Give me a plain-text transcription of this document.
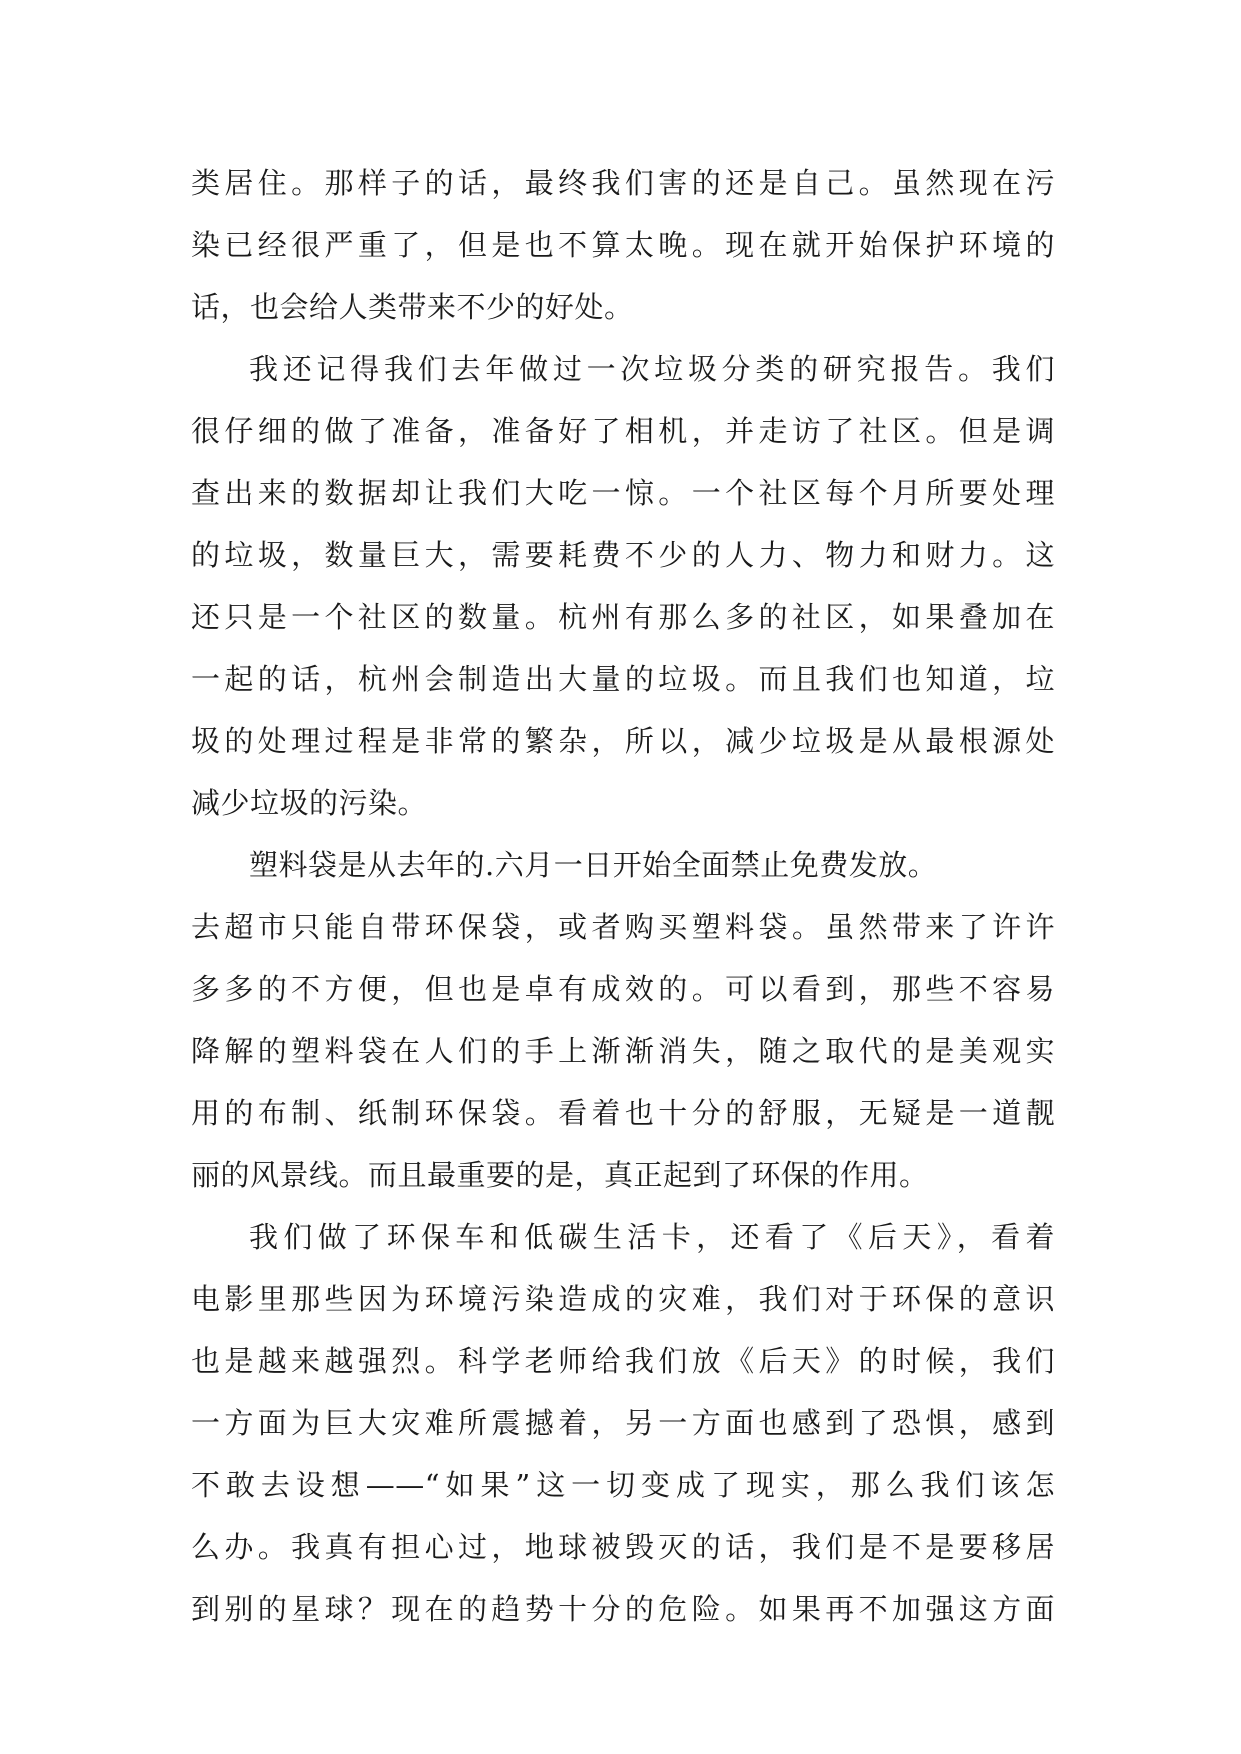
类居住。那样子的话，最终我们害的还是自己。虽然现在污
染已经很严重了，但是也不算太晚。现在就开始保护环境的
话，也会给人类带来不少的好处。

我还记得我们去年做过一次垃圾分类的研究报告。我们
很仔细的做了准备，准备好了相机，并走访了社区。但是调
查出来的数据却让我们大吃一惊。一个社区每个月所要处理
的垃圾，数量巨大，需要耗费不少的人力、物力和财力。这
还只是一个社区的数量。杭州有那么多的社区，如果叠加在
一起的话，杭州会制造出大量的垃圾。而且我们也知道，垃
圾的处理过程是非常的繁杂，所以，减少垃圾是从最根源处
减少垃圾的污染。

塑料袋是从去年的.六月一日开始全面禁止免费发放。
去超市只能自带环保袋，或者购买塑料袋。虽然带来了许许
多多的不方便，但也是卓有成效的。可以看到，那些不容易
降解的塑料袋在人们的手上渐渐消失，随之取代的是美观实
用的布制、纸制环保袋。看着也十分的舒服，无疑是一道靓
丽的风景线。而且最重要的是，真正起到了环保的作用。

我们做了环保车和低碳生活卡，还看了《后天》，看着
电影里那些因为环境污染造成的灾难，我们对于环保的意识
也是越来越强烈。科学老师给我们放《后天》的时候，我们
一方面为巨大灾难所震撼着，另一方面也感到了恐惧，感到
不敢去设想——“如果”这一切变成了现实，那么我们该怎
么办。我真有担心过，地球被毁灭的话，我们是不是要移居
到别的星球？现在的趋势十分的危险。如果再不加强这方面
